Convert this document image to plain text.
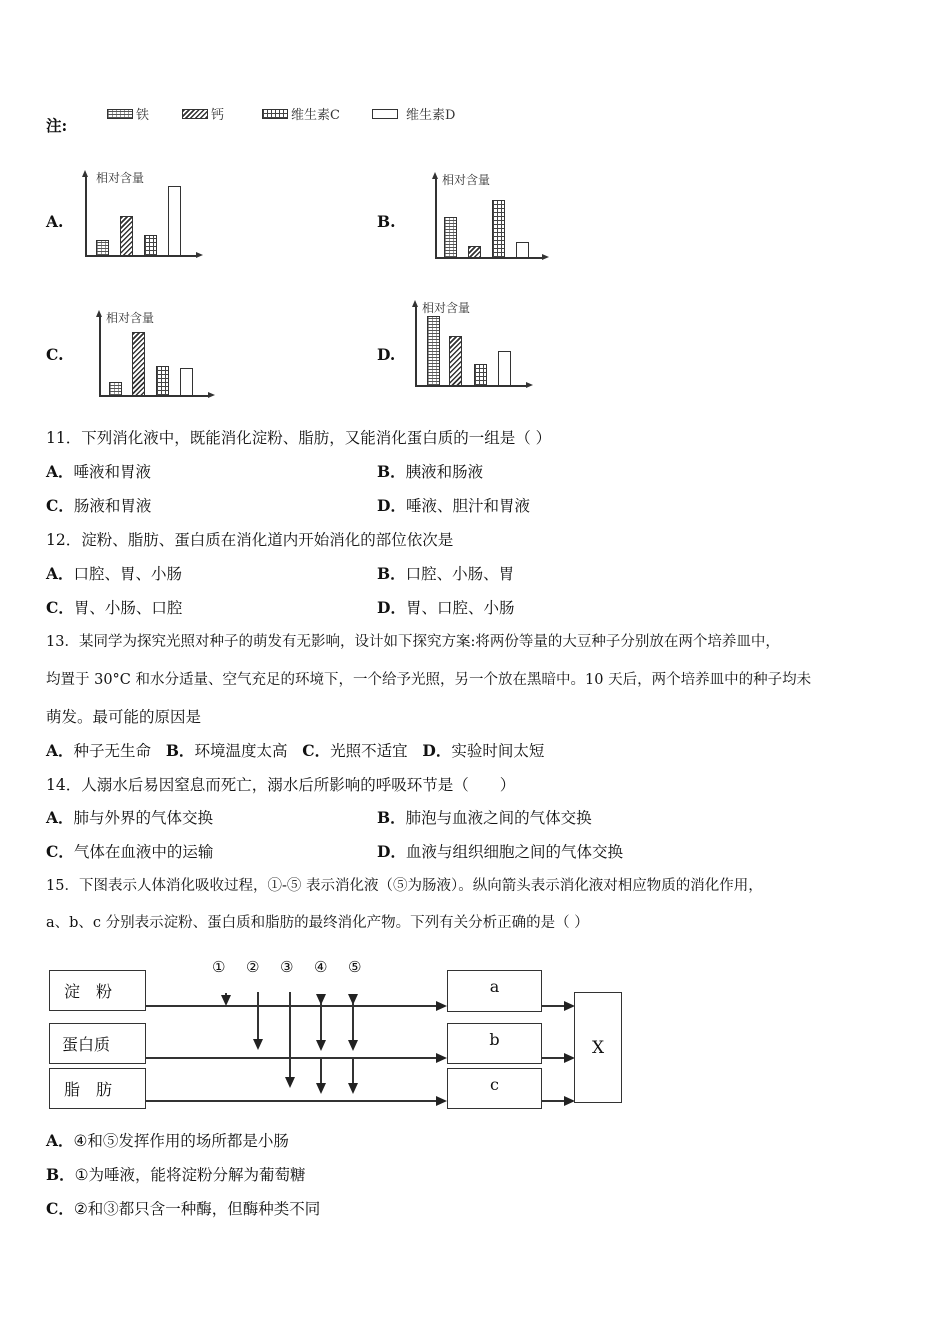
注:
铁	钙	维生素C	维生素D
A.
相对含量
B.
相对含量
C.
相对含量
D.
相对含量
11．下列消化液中，既能消化淀粉、脂肪，又能消化蛋白质的一组是（ ）
A．唾液和胃液	B．胰液和肠液
C．肠液和胃液	D．唾液、胆汁和胃液
12．淀粉、脂肪、蛋白质在消化道内开始消化的部位依次是
A．口腔、胃、小肠	B．口腔、小肠、胃
C．胃、小肠、口腔	D．胃、口腔、小肠
13．某同学为探究光照对种子的萌发有无影响，设计如下探究方案:将两份等量的大豆种子分别放在两个培养皿中，
均置于 30°C 和水分适量、空气充足的环境下，一个给予光照，另一个放在黑暗中。10 天后，两个培养皿中的种子均未
萌发。最可能的原因是
A．种子无生命 B．环境温度太高 C．光照不适宜 D．实验时间太短
14．人溺水后易因窒息而死亡，溺水后所影响的呼吸环节是（　　）
A．肺与外界的气体交换	B．肺泡与血液之间的气体交换
C．气体在血液中的运输	D．血液与组织细胞之间的气体交换
15．下图表示人体消化吸收过程，①-⑤ 表示消化液（⑤为肠液）。纵向箭头表示消化液对相应物质的消化作用，
a、b、c 分别表示淀粉、蛋白质和脂肪的最终消化产物。下列有关分析正确的是（ ）
① ② ③ ④ ⑤
淀　粉
蛋白质
脂　肪
a
b
c
X
A．④和⑤发挥作用的场所都是小肠
B．①为唾液，能将淀粉分解为葡萄糖
C．②和③都只含一种酶，但酶种类不同
